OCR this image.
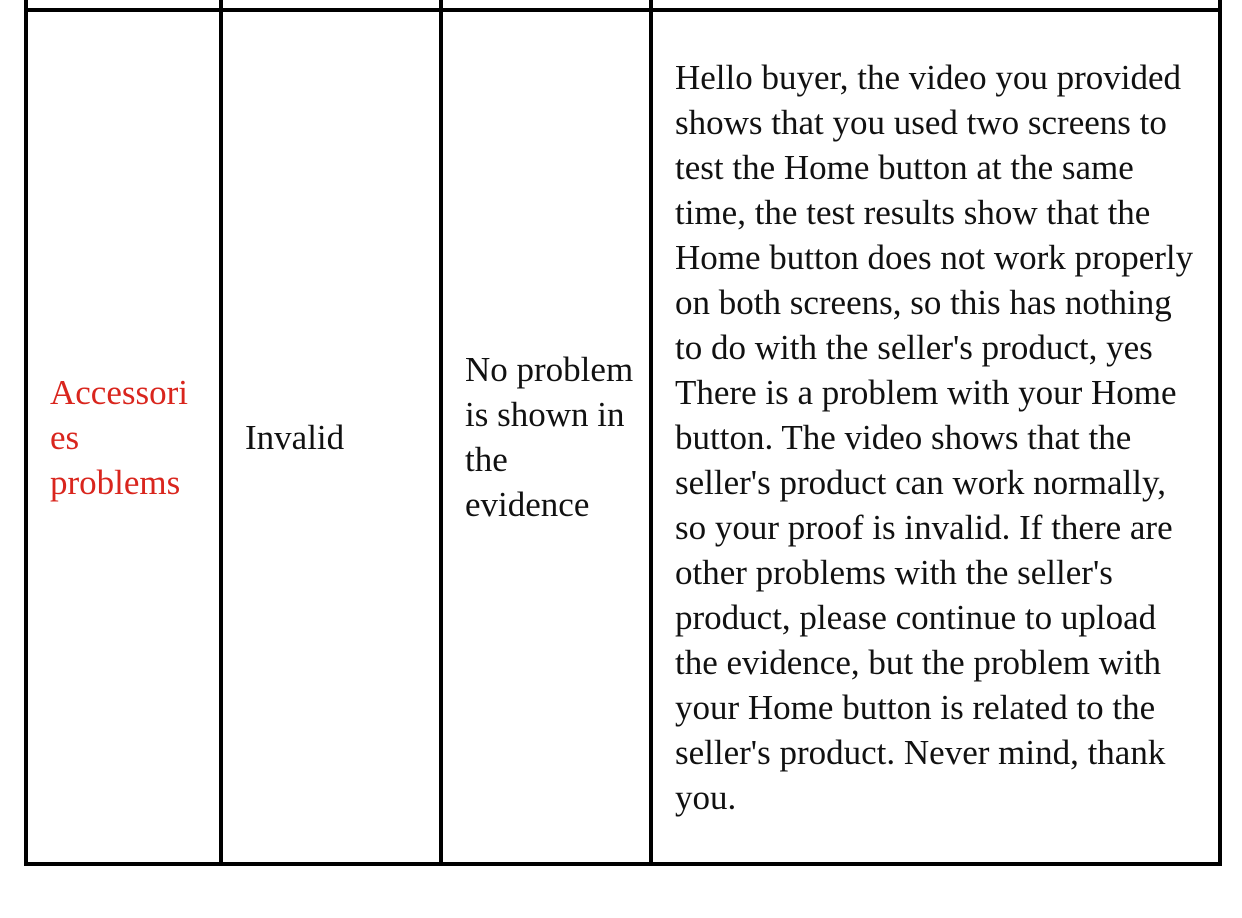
Accessories problems	Invalid	No problem is shown in the evidence	Hello buyer, the video you provided shows that you used two screens to test the Home button at the same time, the test results show that the Home button does not work properly on both screens, so this has nothing to do with the seller's product, yes There is a problem with your Home button. The video shows that the seller's product can work normally, so your proof is invalid. If there are other problems with the seller's product, please continue to upload the evidence, but the problem with your Home button is related to the seller's product. Never mind, thank you.
